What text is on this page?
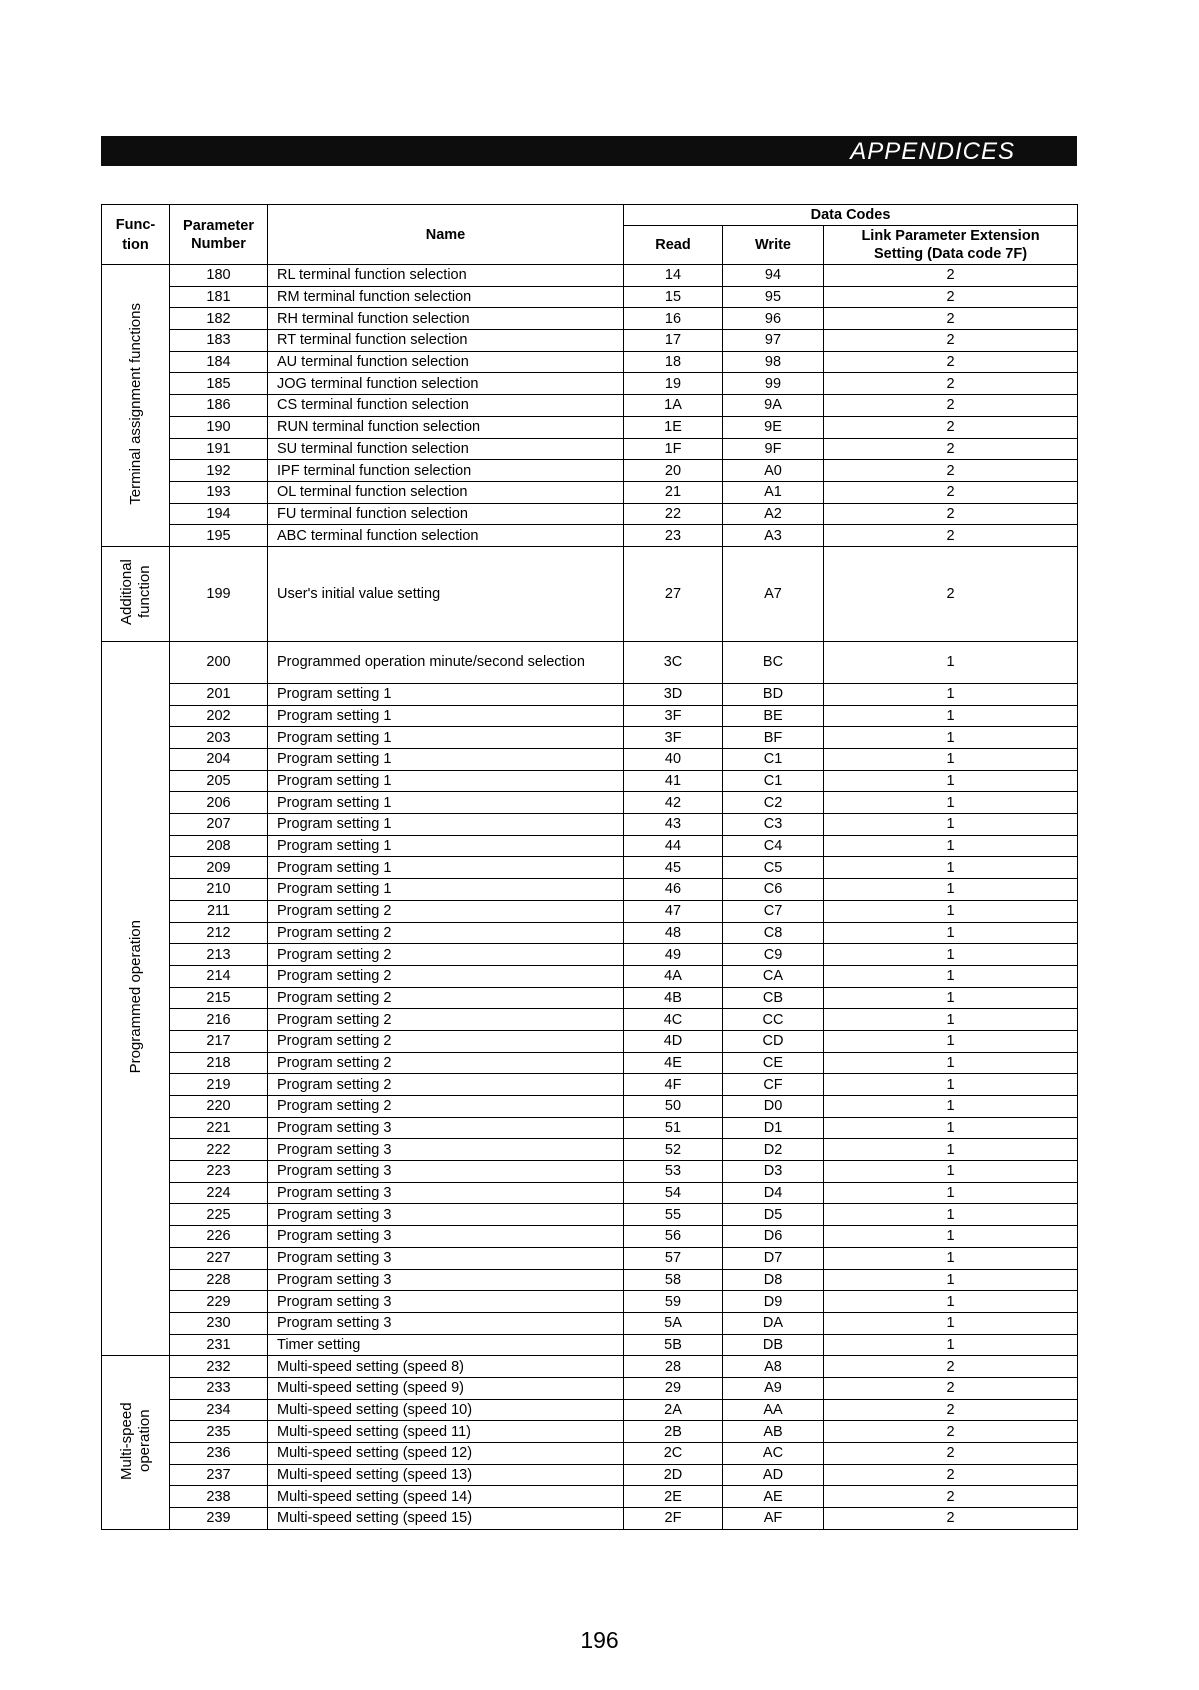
APPENDICES
Func-
tion	Parameter Number	Name	Data Codes		
			Read	Write	Link Parameter Extension Setting (Data code 7F)
Terminal assignment functions	180	RL terminal function selection	14	94	2
	181	RM terminal function selection	15	95	2
	182	RH terminal function selection	16	96	2
	183	RT terminal function selection	17	97	2
	184	AU terminal function selection	18	98	2
	185	JOG terminal function selection	19	99	2
	186	CS terminal function selection	1A	9A	2
	190	RUN terminal function selection	1E	9E	2
	191	SU terminal function selection	1F	9F	2
	192	IPF terminal function selection	20	A0	2
	193	OL terminal function selection	21	A1	2
	194	FU terminal function selection	22	A2	2
	195	ABC terminal function selection	23	A3	2
Additional function	199	User's initial value setting	27	A7	2
Programmed operation	200	Programmed operation minute/second selection	3C	BC	1
	201	Program setting 1	3D	BD	1
	202	Program setting 1	3F	BE	1
	203	Program setting 1	3F	BF	1
	204	Program setting 1	40	C1	1
	205	Program setting 1	41	C1	1
	206	Program setting 1	42	C2	1
	207	Program setting 1	43	C3	1
	208	Program setting 1	44	C4	1
	209	Program setting 1	45	C5	1
	210	Program setting 1	46	C6	1
	211	Program setting 2	47	C7	1
	212	Program setting 2	48	C8	1
	213	Program setting 2	49	C9	1
	214	Program setting 2	4A	CA	1
	215	Program setting 2	4B	CB	1
	216	Program setting 2	4C	CC	1
	217	Program setting 2	4D	CD	1
	218	Program setting 2	4E	CE	1
	219	Program setting 2	4F	CF	1
	220	Program setting 2	50	D0	1
	221	Program setting 3	51	D1	1
	222	Program setting 3	52	D2	1
	223	Program setting 3	53	D3	1
	224	Program setting 3	54	D4	1
	225	Program setting 3	55	D5	1
	226	Program setting 3	56	D6	1
	227	Program setting 3	57	D7	1
	228	Program setting 3	58	D8	1
	229	Program setting 3	59	D9	1
	230	Program setting 3	5A	DA	1
	231	Timer setting	5B	DB	1
Multi-speed operation	232	Multi-speed setting (speed 8)	28	A8	2
	233	Multi-speed setting (speed 9)	29	A9	2
	234	Multi-speed setting (speed 10)	2A	AA	2
	235	Multi-speed setting (speed 11)	2B	AB	2
	236	Multi-speed setting (speed 12)	2C	AC	2
	237	Multi-speed setting (speed 13)	2D	AD	2
	238	Multi-speed setting (speed 14)	2E	AE	2
	239	Multi-speed setting (speed 15)	2F	AF	2
196
